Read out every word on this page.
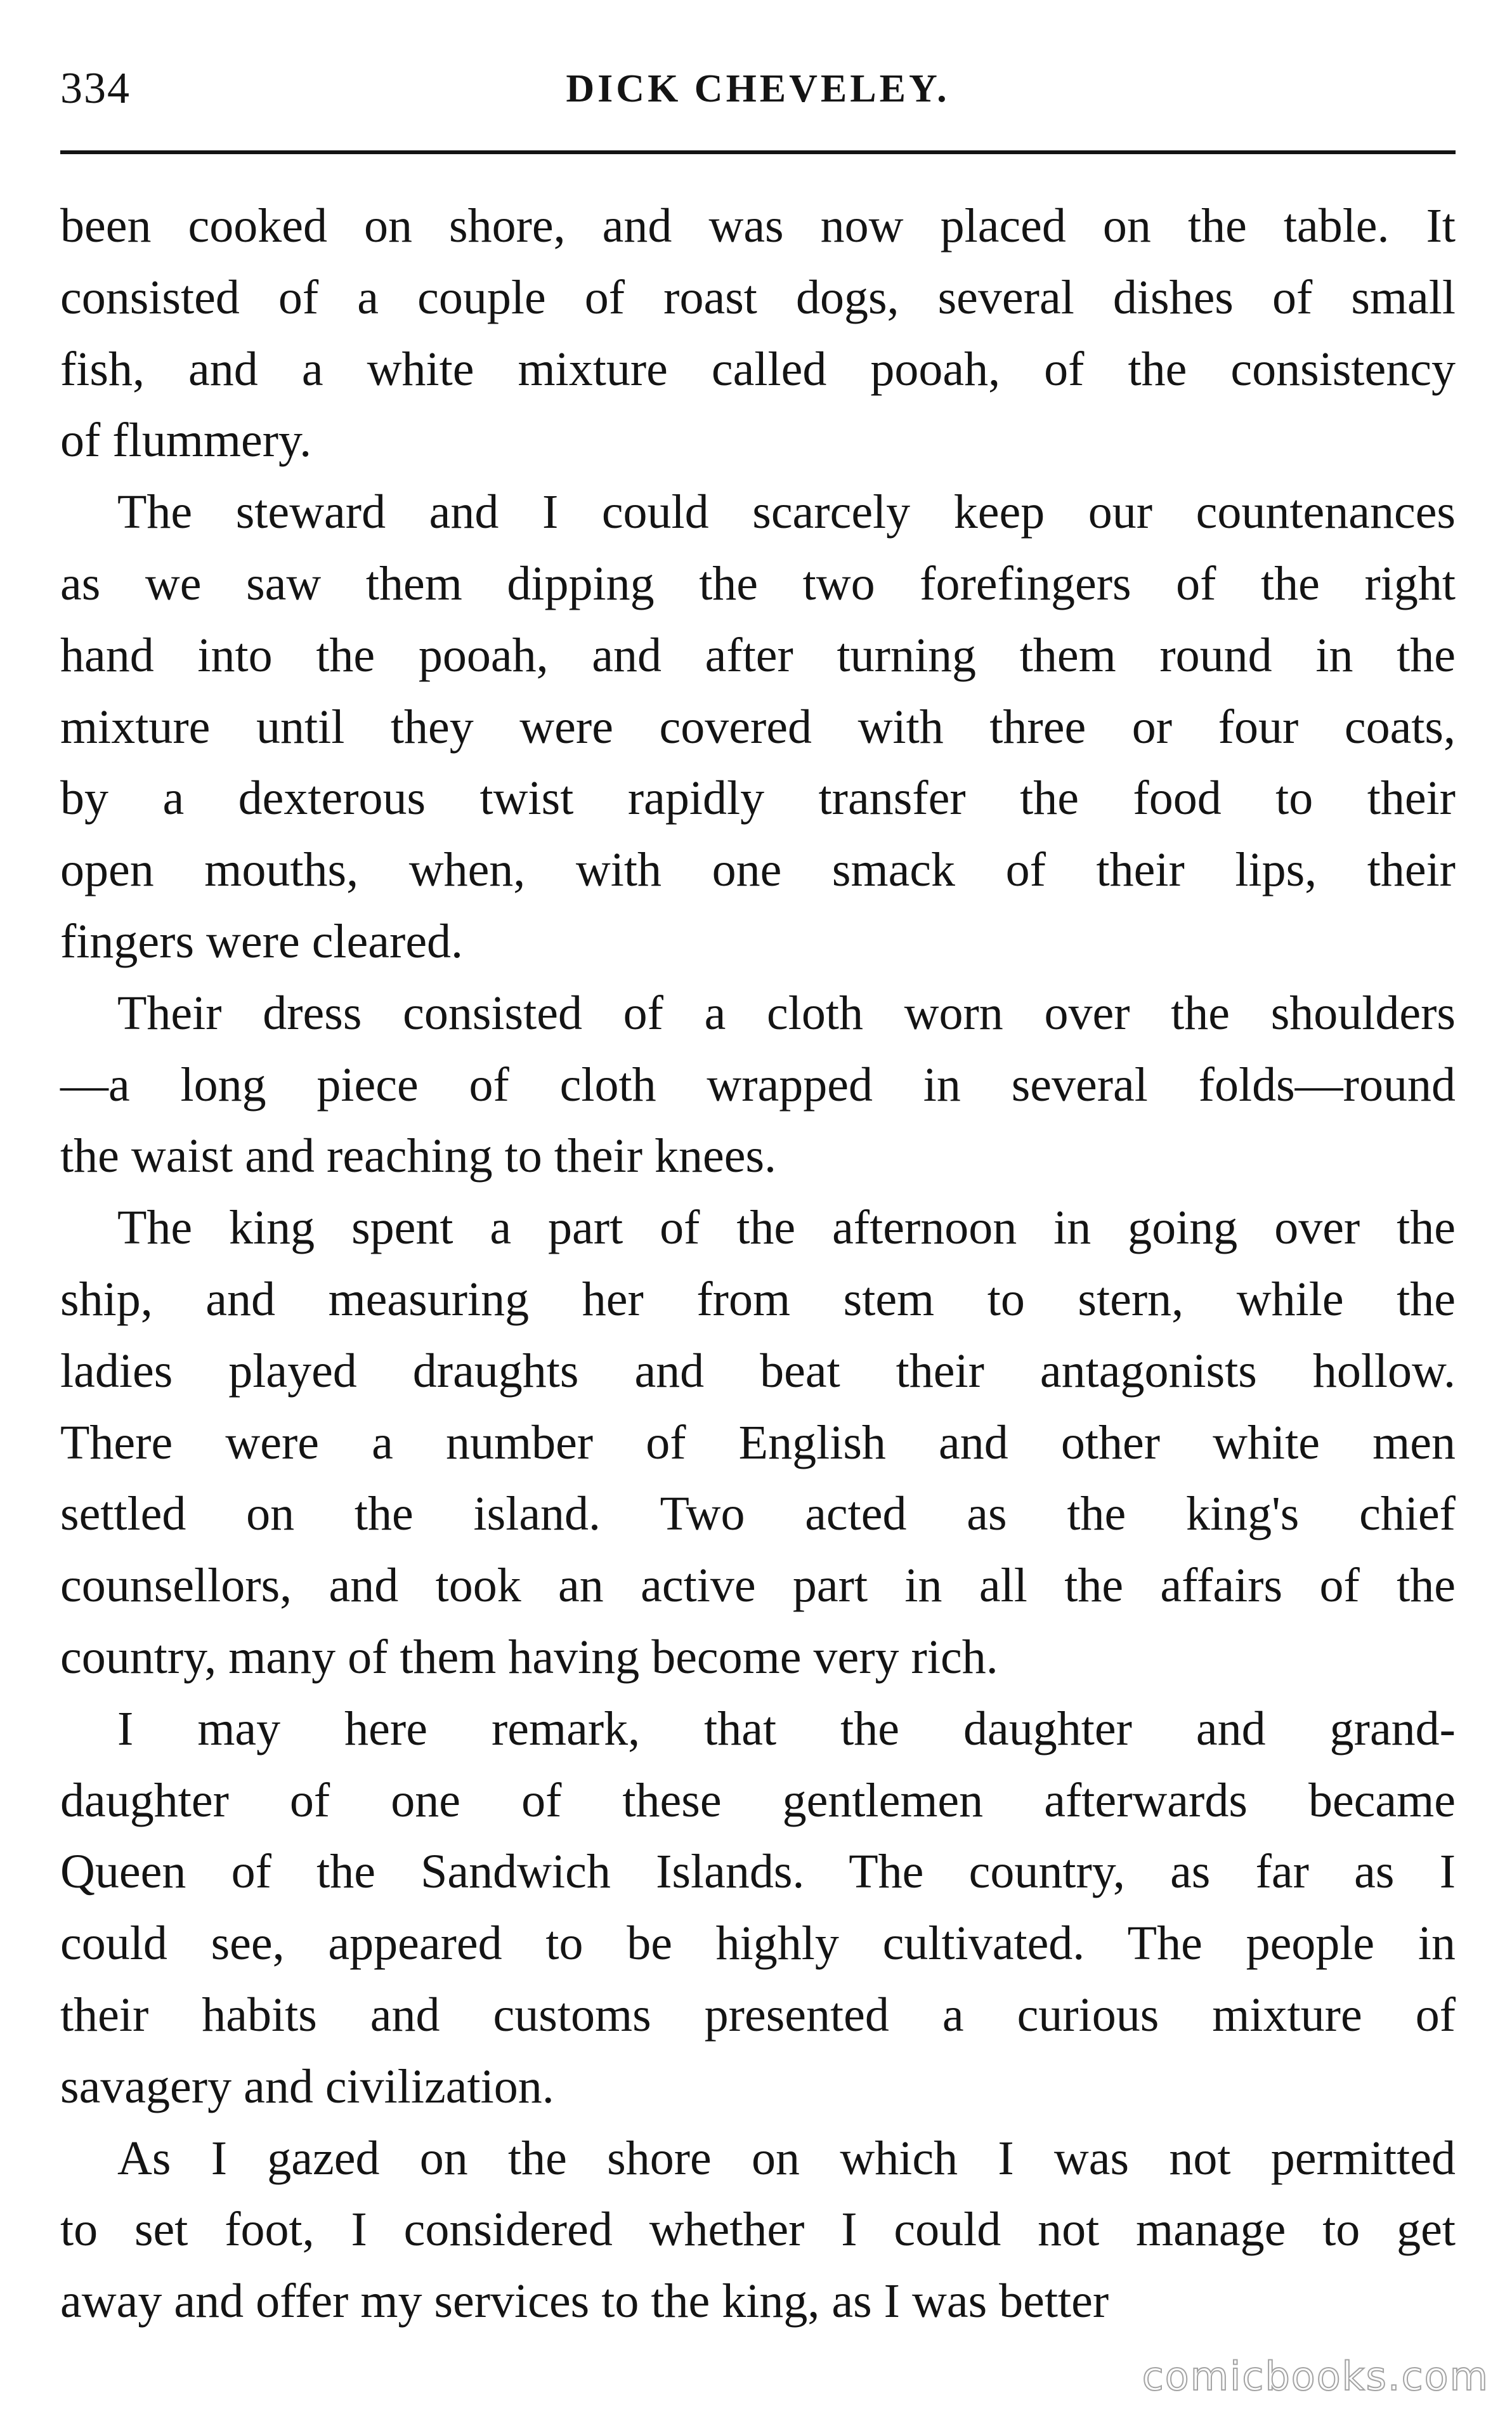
334	DICK CHEVELEY.
been cooked on shore, and was now placed on the table. It
consisted of a couple of roast dogs, several dishes of small
fish, and a white mixture called pooah, of the consistency
of flummery.
The steward and I could scarcely keep our countenances
as we saw them dipping the two forefingers of the right
hand into the pooah, and after turning them round in the
mixture until they were covered with three or four coats,
by a dexterous twist rapidly transfer the food to their
open mouths, when, with one smack of their lips, their
fingers were cleared.
Their dress consisted of a cloth worn over the shoulders
—a long piece of cloth wrapped in several folds—round
the waist and reaching to their knees.
The king spent a part of the afternoon in going over the
ship, and measuring her from stem to stern, while the
ladies played draughts and beat their antagonists hollow.
There were a number of English and other white men
settled on the island. Two acted as the king's chief
counsellors, and took an active part in all the affairs of the
country, many of them having become very rich.
I may here remark, that the daughter and grand-
daughter of one of these gentlemen afterwards became
Queen of the Sandwich Islands. The country, as far as I
could see, appeared to be highly cultivated. The people in
their habits and customs presented a curious mixture of
savagery and civilization.
As I gazed on the shore on which I was not permitted
to set foot, I considered whether I could not manage to get
away and offer my services to the king, as I was better
comicbooks.com
